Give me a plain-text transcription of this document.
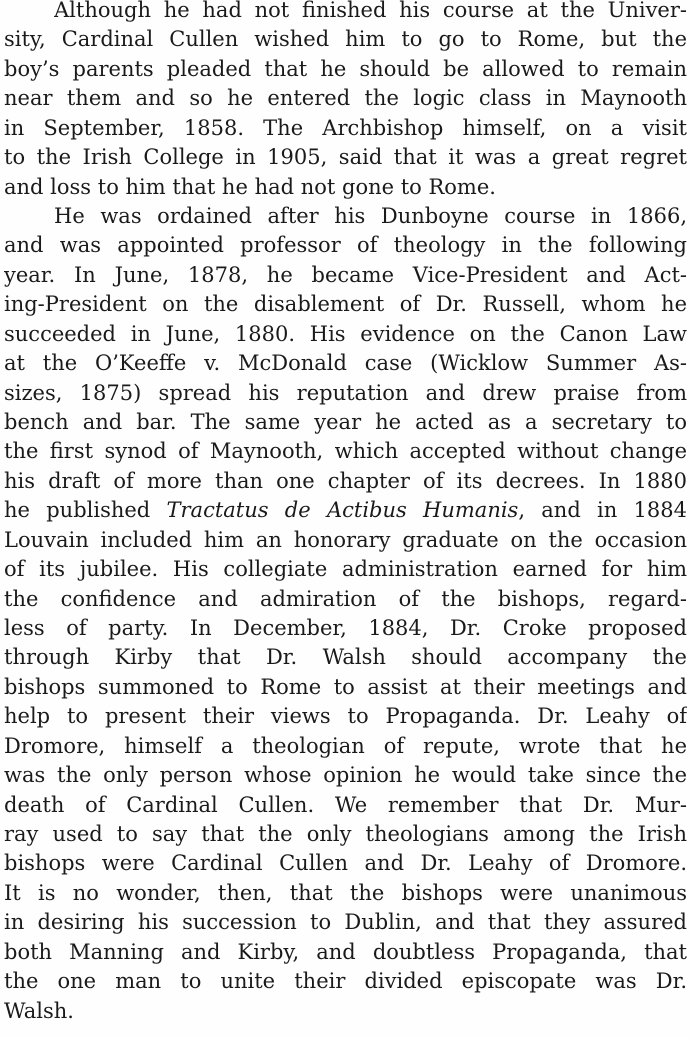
Although he had not finished his course at the Univer-
sity, Cardinal Cullen wished him to go to Rome, but the
boy’s parents pleaded that he should be allowed to remain
near them and so he entered the logic class in Maynooth
in September, 1858. The Archbishop himself, on a visit
to the Irish College in 1905, said that it was a great regret
and loss to him that he had not gone to Rome.
He was ordained after his Dunboyne course in 1866,
and was appointed professor of theology in the following
year. In June, 1878, he became Vice-President and Act-
ing-President on the disablement of Dr. Russell, whom he
succeeded in June, 1880. His evidence on the Canon Law
at the O’Keeffe v. McDonald case (Wicklow Summer As-
sizes, 1875) spread his reputation and drew praise from
bench and bar. The same year he acted as a secretary to
the first synod of Maynooth, which accepted without change
his draft of more than one chapter of its decrees. In 1880
he published Tractatus de Actibus Humanis, and in 1884
Louvain included him an honorary graduate on the occasion
of its jubilee. His collegiate administration earned for him
the confidence and admiration of the bishops, regard-
less of party. In December, 1884, Dr. Croke proposed
through Kirby that Dr. Walsh should accompany the
bishops summoned to Rome to assist at their meetings and
help to present their views to Propaganda. Dr. Leahy of
Dromore, himself a theologian of repute, wrote that he
was the only person whose opinion he would take since the
death of Cardinal Cullen. We remember that Dr. Mur-
ray used to say that the only theologians among the Irish
bishops were Cardinal Cullen and Dr. Leahy of Dromore.
It is no wonder, then, that the bishops were unanimous
in desiring his succession to Dublin, and that they assured
both Manning and Kirby, and doubtless Propaganda, that
the one man to unite their divided episcopate was Dr.
Walsh.
